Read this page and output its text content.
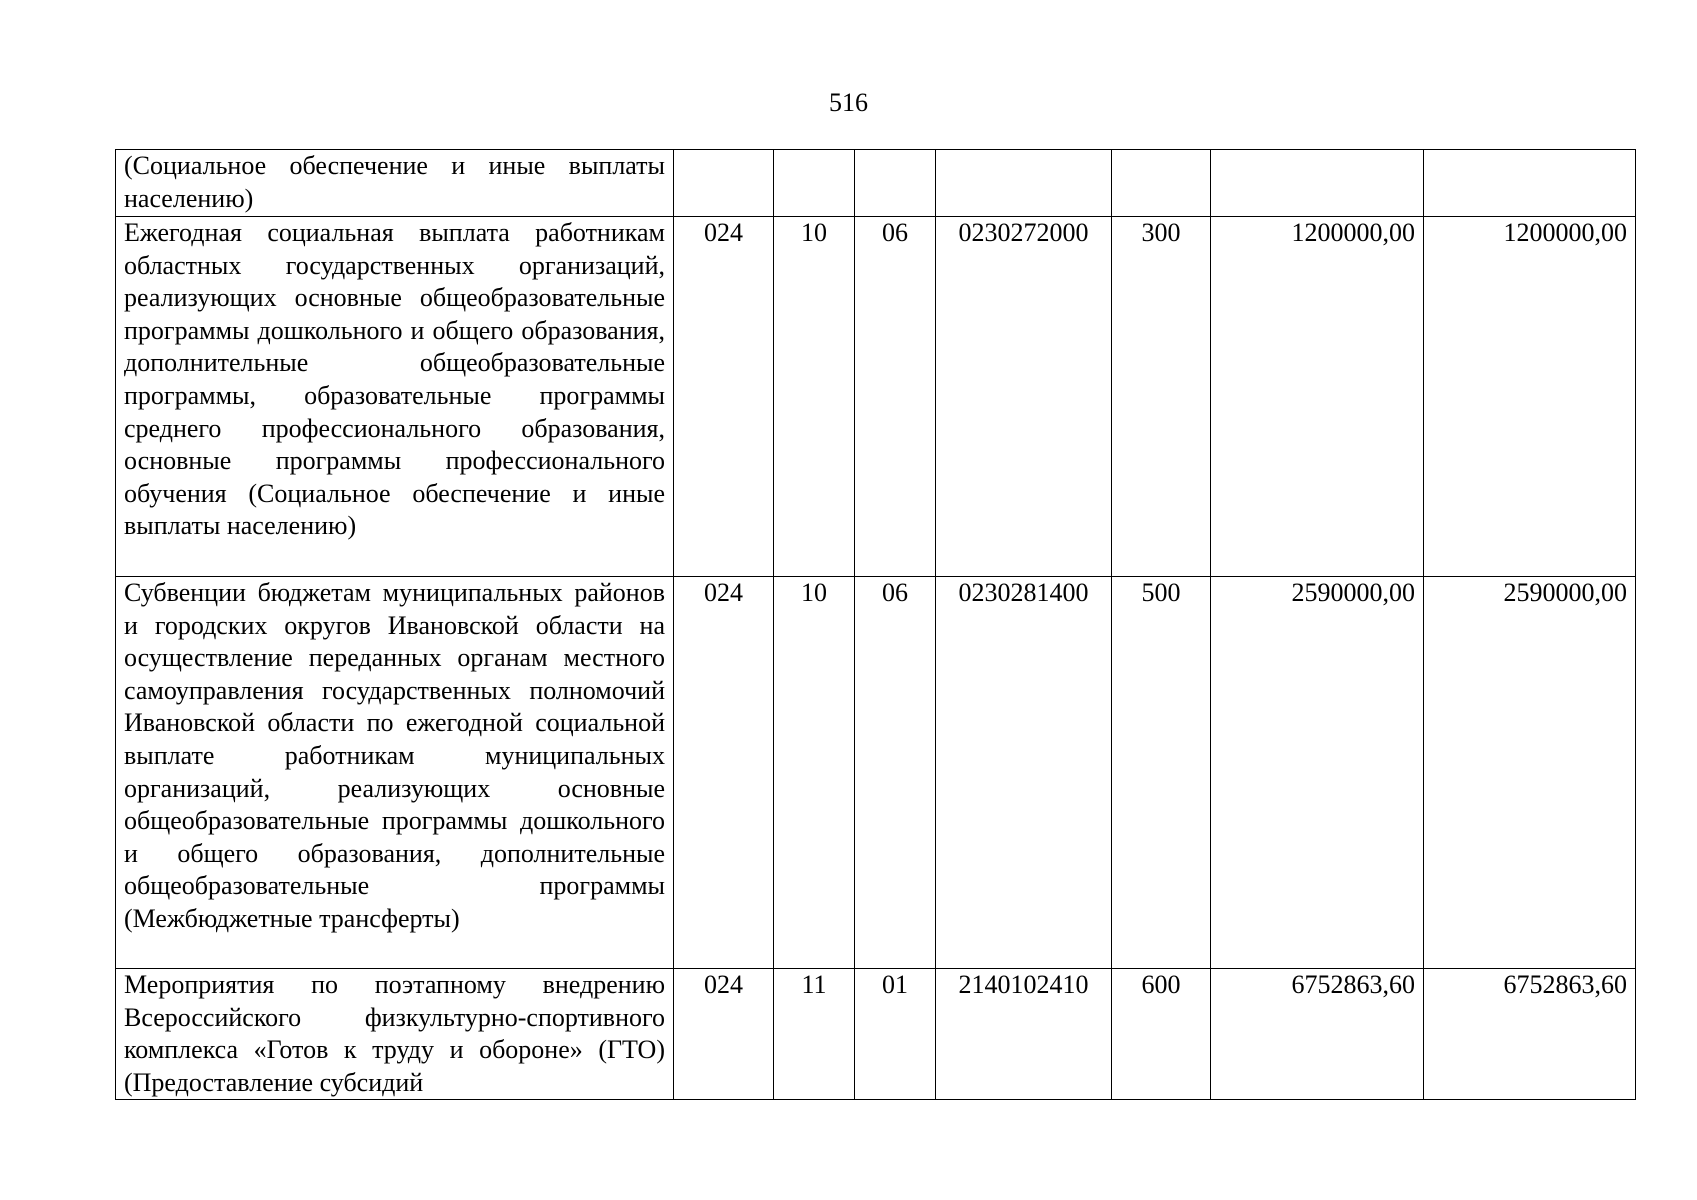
516
(Социальное обеспечение и иные выплаты населению)							
Ежегодная социальная выплата работникам областных государственных организаций, реализующих основные общеобразовательные программы дошкольного и общего образования, дополнительные общеобразовательные программы, образовательные программы среднего профессионального образования, основные программы профессионального обучения (Социальное обеспечение и иные выплаты населению)	024	10	06	0230272000	300	1200000,00	1200000,00
Субвенции бюджетам муниципальных районов и городских округов Ивановской области на осуществление переданных органам местного самоуправления государственных полномочий Ивановской области по ежегодной социальной выплате работникам муниципальных организаций, реализующих основные общеобразовательные программы дошкольного и общего образования, дополнительные общеобразовательные программы (Межбюджетные трансферты)	024	10	06	0230281400	500	2590000,00	2590000,00
Мероприятия по поэтапному внедрению Всероссийского физкультурно-спортивного комплекса «Готов к труду и обороне» (ГТО) (Предоставление субсидий	024	11	01	2140102410	600	6752863,60	6752863,60
